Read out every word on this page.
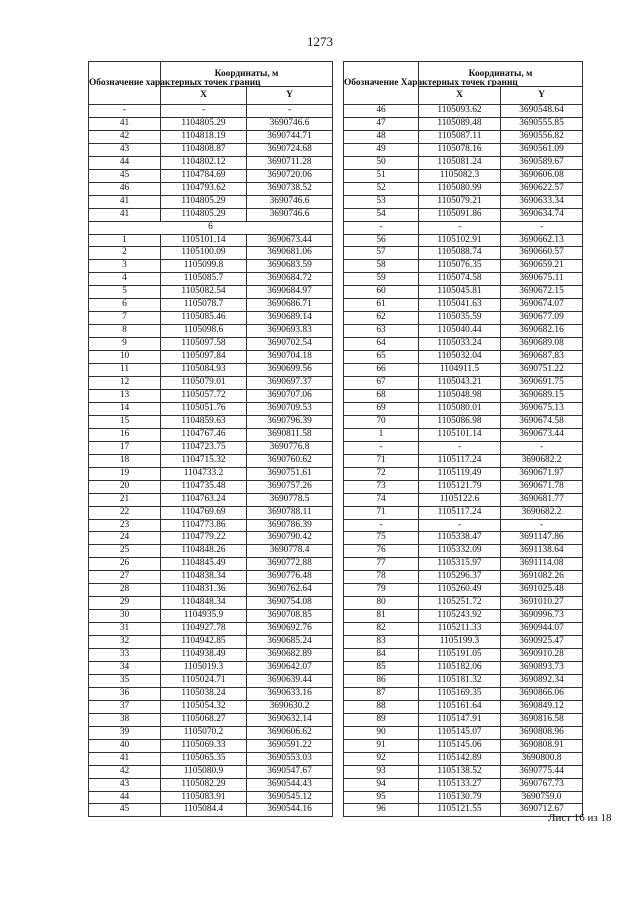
1273
Обозначение характерных точек границ	Координаты, м	
	X	Y
-	-	-
41	1104805.29	3690746.6
42	1104818.19	3690744.71
43	1104808.87	3690724.68
44	1104802.12	3690711.28
45	1104784.69	3690720.06
46	1104793.62	3690738.52
41	1104805.29	3690746.6
41	1104805.29	3690746.6
6		
1	1105101.14	3690673.44
2	1105100.09	3690681.06
3	1105099.8	3690683.59
4	1105085.7	3690684.72
5	1105082.54	3690684.97
6	1105078.7	3690686.71
7	1105085.46	3690689.14
8	1105098.6	3690693.83
9	1105097.58	3690702.54
10	1105097.84	3690704.18
11	1105084.93	3690699.56
12	1105079.01	3690697.37
13	1105057.72	3690707.06
14	1105051.76	3690709.53
15	1104859.63	3690796.39
16	1104767.46	3690811.58
17	1104723.75	3690776.8
18	1104715.32	3690760.62
19	1104733.2	3690751.61
20	1104735.48	3690757.26
21	1104763.24	3690778.5
22	1104769.69	3690788.11
23	1104773.86	3690786.39
24	1104779.22	3690790.42
25	1104848.26	3690778.4
26	1104845.49	3690772.88
27	1104838.34	3690776.48
28	1104831.36	3690762.64
29	1104848.34	3690754.08
30	1104935.9	3690708.85
31	1104927.78	3690692.76
32	1104942.85	3690685.24
33	1104938.49	3690682.89
34	1105019.3	3690642.07
35	1105024.71	3690639.44
36	1105038.24	3690633.16
37	1105054.32	3690630.2
38	1105068.27	3690632.14
39	1105070.2	3690606.62
40	1105069.33	3690591.22
41	1105065.35	3690553.03
42	1105080.9	3690547.67
43	1105082.29	3690544.43
44	1105083.91	3690545.12
45	1105084.4	3690544.16
Обозначение Характерных точек границ	Координаты, м	
	X	Y
46	1105093.62	3690548.64
47	1105089.48	3690555.85
48	1105087.11	3690556.82
49	1105078.16	3690561.09
50	1105081.24	3690589.67
51	1105082.3	3690606.08
52	1105080.99	3690622.57
53	1105079.21	3690633.34
54	1105091.86	3690634.74
-	-	-
56	1105102.91	3690662.13
57	1105088.74	3690660.57
58	1105076.35	3690659.21
59	1105074.58	3690675.11
60	1105045.81	3690672.15
61	1105041.63	3690674.07
62	1105035.59	3690677.09
63	1105040.44	3690682.16
64	1105033.24	3690689.08
65	1105032.04	3690687.83
66	1104911.5	3690751.22
67	1105043.21	3690691.75
68	1105048.98	3690689.15
69	1105080.01	3690675.13
70	1105086.98	3690674.58
1	1105101.14	3690673.44
-	-	-
71	1105117.24	3690682.2
72	1105119.49	3690671.97
73	1105121.79	3690671.78
74	1105122.6	3690681.77
71	1105117.24	3690682.2
-	-	-
75	1105338.47	3691147.86
76	1105332.09	3691138.64
77	1105315.97	3691114.08
78	1105296.37	3691082.26
79	1105260.49	3691025.48
80	1105251.72	3691010.27
81	1105243.92	3690996.73
82	1105211.33	3690944.07
83	1105199.3	3690925.47
84	1105191.05	3690910.28
85	1105182.06	3690893.73
86	1105181.32	3690892.34
87	1105169.35	3690866.06
88	1105161.64	3690849.12
89	1105147.91	3690816.58
90	1105145.07	3690808.96
91	1105145.06	3690808.91
92	1105142.89	3690800.8
93	1105138.52	3690775.44
94	1105133.27	3690767.73
95	1105130.79	3690759.0
96	1105121.55	3690712.67
Лист 16 из 18
